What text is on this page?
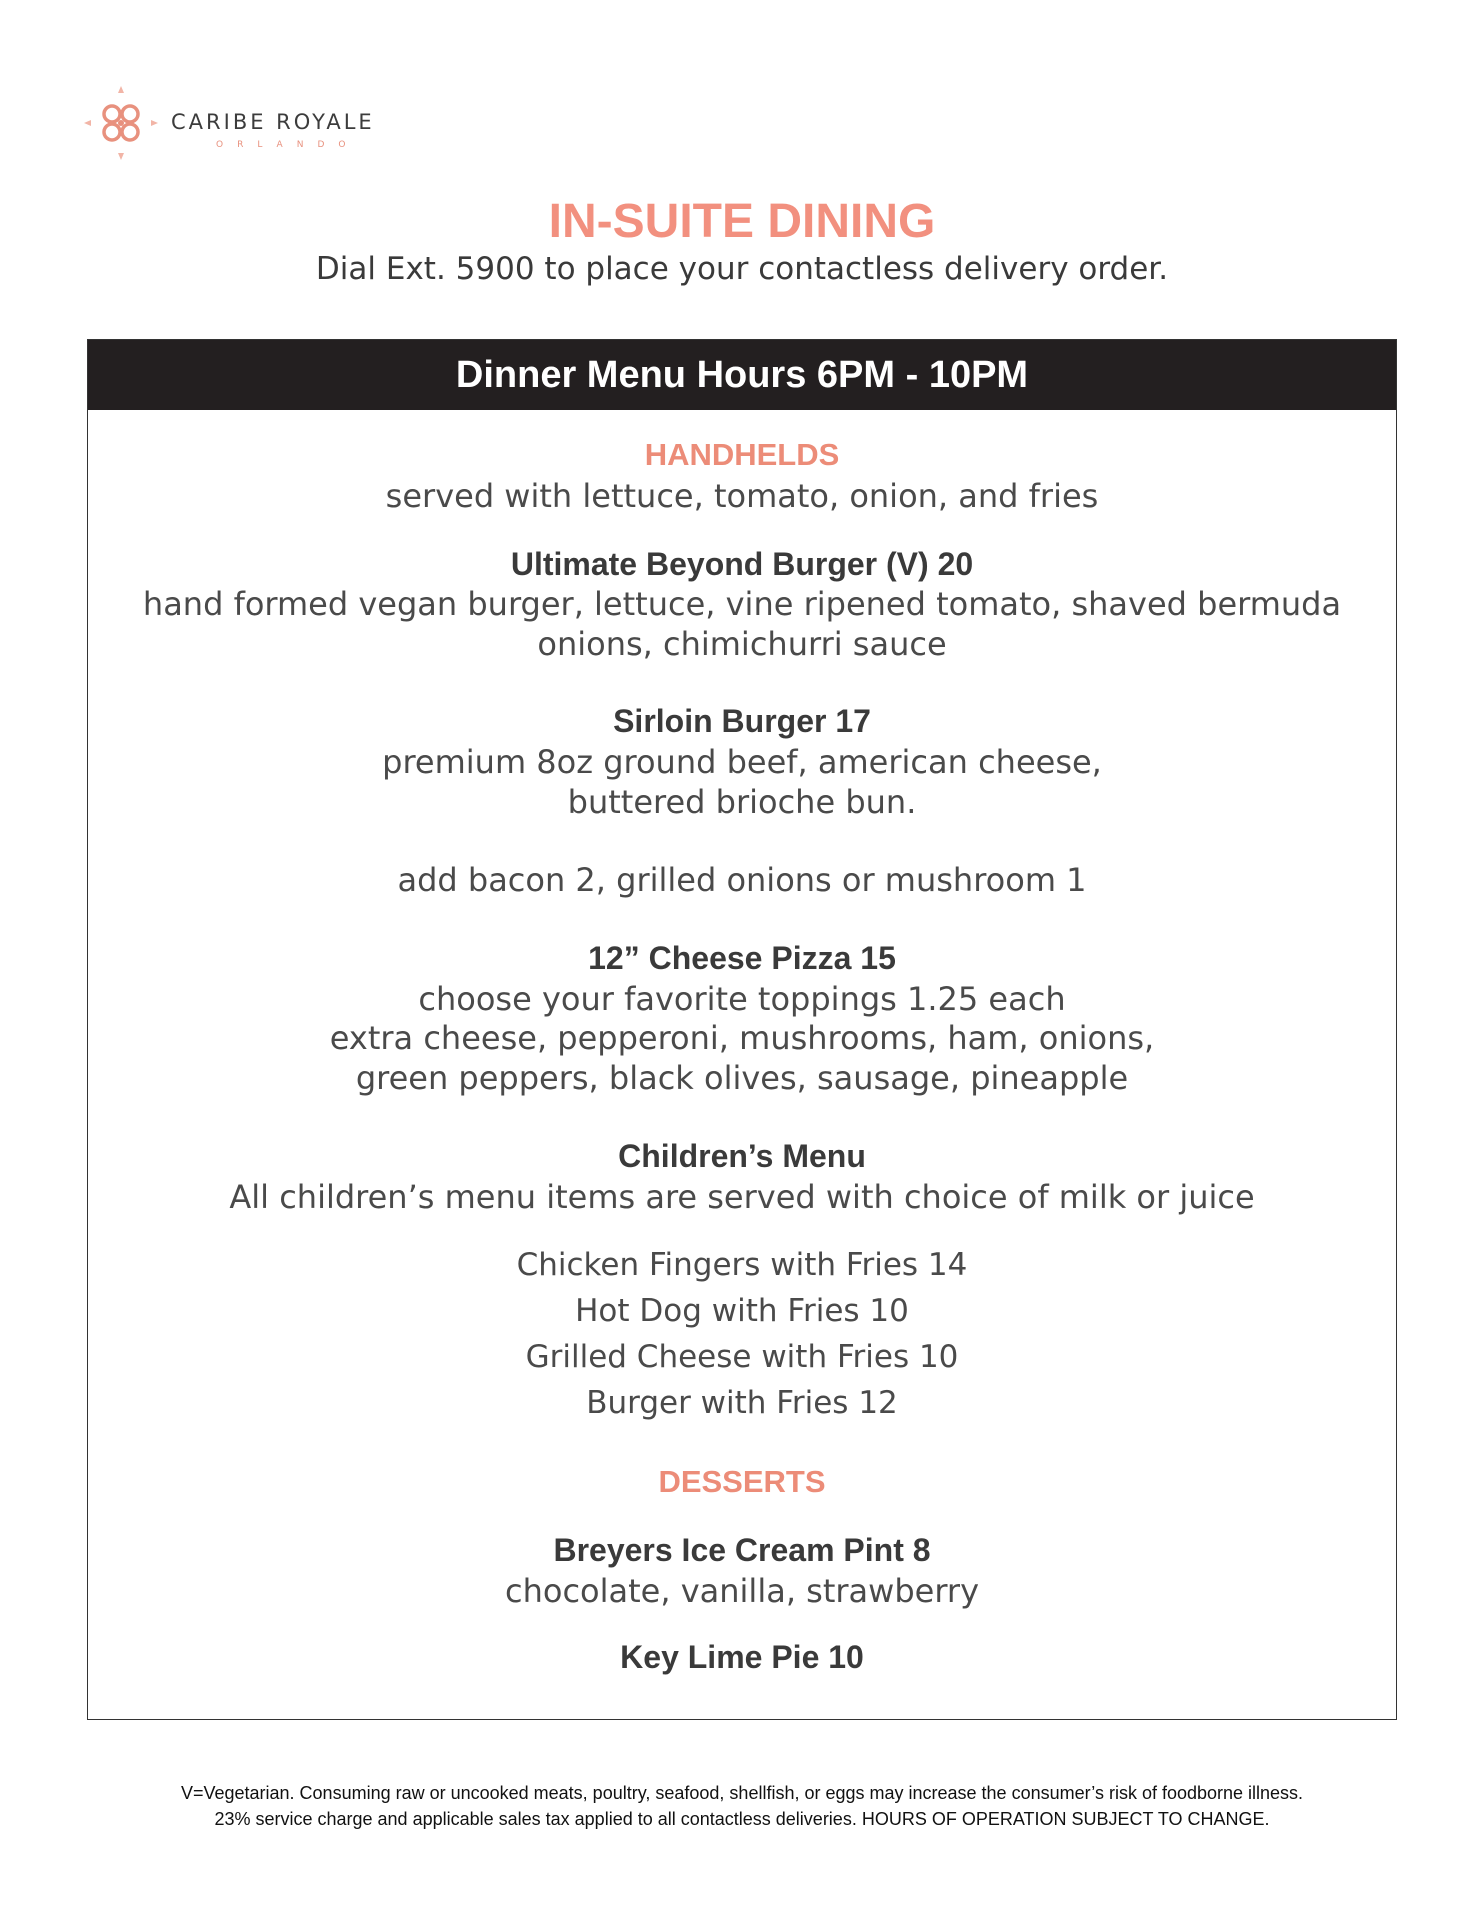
CARIBE ROYALE
ORLANDO
IN-SUITE DINING
Dial Ext. 5900 to place your contactless delivery order.
Dinner Menu Hours 6PM - 10PM
HANDHELDS
served with lettuce, tomato, onion, and fries
Ultimate Beyond Burger (V) 20
hand formed vegan burger, lettuce, vine ripened tomato, shaved bermuda
onions, chimichurri sauce
Sirloin Burger 17
premium 8oz ground beef, american cheese,
buttered brioche bun.
add bacon 2, grilled onions or mushroom 1
12” Cheese Pizza 15
choose your favorite toppings 1.25 each
extra cheese, pepperoni, mushrooms, ham, onions,
green peppers, black olives, sausage, pineapple
Children’s Menu
All children’s menu items are served with choice of milk or juice
Chicken Fingers with Fries 14
Hot Dog with Fries 10
Grilled Cheese with Fries 10
Burger with Fries 12
DESSERTS
Breyers Ice Cream Pint 8
chocolate, vanilla, strawberry
Key Lime Pie 10
V=Vegetarian. Consuming raw or uncooked meats, poultry, seafood, shellfish, or eggs may increase the consumer’s risk of foodborne illness.
23% service charge and applicable sales tax applied to all contactless deliveries. HOURS OF OPERATION SUBJECT TO CHANGE.
